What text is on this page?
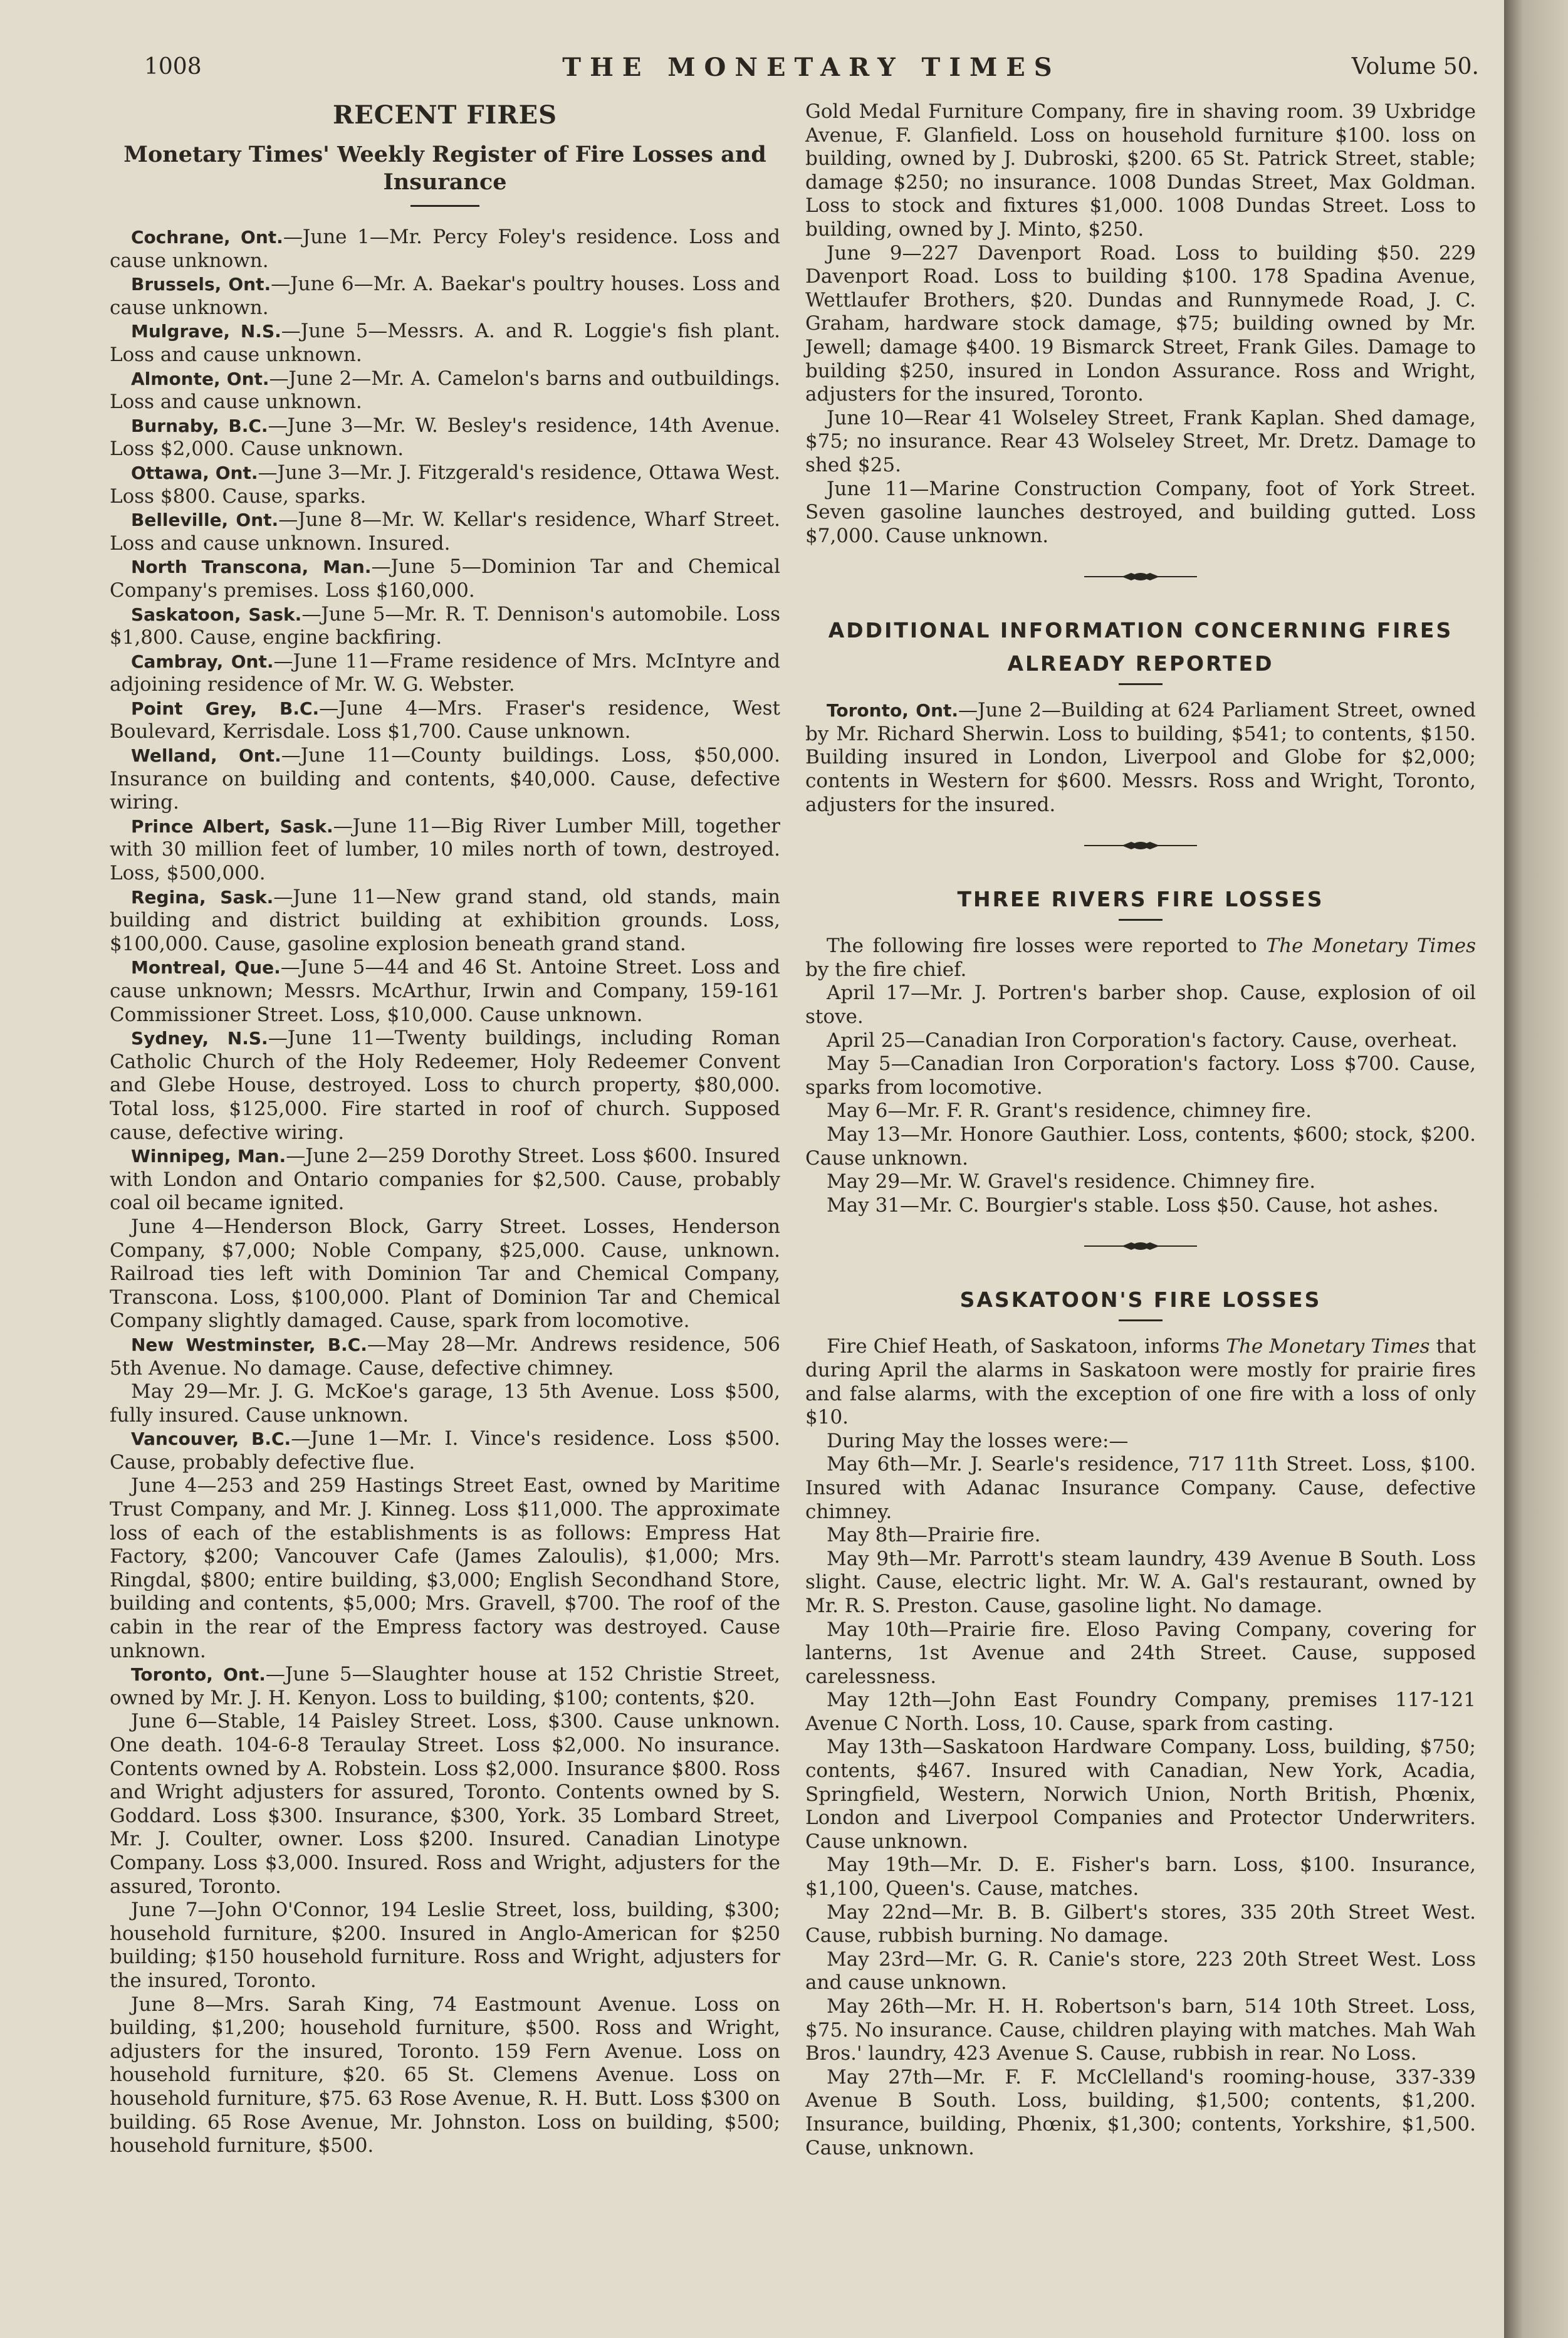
1008	THE MONETARY TIMES	Volume 50.
RECENT FIRES
Monetary Times' Weekly Register of Fire Losses and Insurance

Cochrane, Ont.—June 1—Mr. Percy Foley's residence. Loss and cause unknown.

Brussels, Ont.—June 6—Mr. A. Baekar's poultry houses. Loss and cause unknown.

Mulgrave, N.S.—June 5—Messrs. A. and R. Loggie's fish plant. Loss and cause unknown.

Almonte, Ont.—June 2—Mr. A. Camelon's barns and outbuildings. Loss and cause unknown.

Burnaby, B.C.—June 3—Mr. W. Besley's residence, 14th Avenue. Loss $2,000. Cause unknown.

Ottawa, Ont.—June 3—Mr. J. Fitzgerald's residence, Ottawa West. Loss $800. Cause, sparks.

Belleville, Ont.—June 8—Mr. W. Kellar's residence, Wharf Street. Loss and cause unknown. Insured.

North Transcona, Man.—June 5—Dominion Tar and Chemical Company's premises. Loss $160,000.

Saskatoon, Sask.—June 5—Mr. R. T. Dennison's automobile. Loss $1,800. Cause, engine backfiring.

Cambray, Ont.—June 11—Frame residence of Mrs. McIntyre and adjoining residence of Mr. W. G. Webster.

Point Grey, B.C.—June 4—Mrs. Fraser's residence, West Boulevard, Kerrisdale. Loss $1,700. Cause unknown.

Welland, Ont.—June 11—County buildings. Loss, $50,000. Insurance on building and contents, $40,000. Cause, defective wiring.

Prince Albert, Sask.—June 11—Big River Lumber Mill, together with 30 million feet of lumber, 10 miles north of town, destroyed. Loss, $500,000.

Regina, Sask.—June 11—New grand stand, old stands, main building and district building at exhibition grounds. Loss, $100,000. Cause, gasoline explosion beneath grand stand.

Montreal, Que.—June 5—44 and 46 St. Antoine Street. Loss and cause unknown; Messrs. McArthur, Irwin and Company, 159-161 Commissioner Street. Loss, $10,000. Cause unknown.

Sydney, N.S.—June 11—Twenty buildings, including Roman Catholic Church of the Holy Redeemer, Holy Redeemer Convent and Glebe House, destroyed. Loss to church property, $80,000. Total loss, $125,000. Fire started in roof of church. Supposed cause, defective wiring.

Winnipeg, Man.—June 2—259 Dorothy Street. Loss $600. Insured with London and Ontario companies for $2,500. Cause, probably coal oil became ignited.

June 4—Henderson Block, Garry Street. Losses, Henderson Company, $7,000; Noble Company, $25,000. Cause, unknown. Railroad ties left with Dominion Tar and Chemical Company, Transcona. Loss, $100,000. Plant of Dominion Tar and Chemical Company slightly damaged. Cause, spark from locomotive.

New Westminster, B.C.—May 28—Mr. Andrews residence, 506 5th Avenue. No damage. Cause, defective chimney.

May 29—Mr. J. G. McKoe's garage, 13 5th Avenue. Loss $500, fully insured. Cause unknown.

Vancouver, B.C.—June 1—Mr. I. Vince's residence. Loss $500. Cause, probably defective flue.

June 4—253 and 259 Hastings Street East, owned by Maritime Trust Company, and Mr. J. Kinneg. Loss $11,000. The approximate loss of each of the establishments is as follows: Empress Hat Factory, $200; Vancouver Cafe (James Zaloulis), $1,000; Mrs. Ringdal, $800; entire building, $3,000; English Secondhand Store, building and contents, $5,000; Mrs. Gravell, $700. The roof of the cabin in the rear of the Empress factory was destroyed. Cause unknown.

Toronto, Ont.—June 5—Slaughter house at 152 Christie Street, owned by Mr. J. H. Kenyon. Loss to building, $100; contents, $20.

June 6—Stable, 14 Paisley Street. Loss, $300. Cause unknown. One death. 104-6-8 Teraulay Street. Loss $2,000. No insurance. Contents owned by A. Robstein. Loss $2,000. Insurance $800. Ross and Wright adjusters for assured, Toronto. Contents owned by S. Goddard. Loss $300. Insurance, $300, York. 35 Lombard Street, Mr. J. Coulter, owner. Loss $200. Insured. Canadian Linotype Company. Loss $3,000. Insured. Ross and Wright, adjusters for the assured, Toronto.

June 7—John O'Connor, 194 Leslie Street, loss, building, $300; household furniture, $200. Insured in Anglo-American for $250 building; $150 household furniture. Ross and Wright, adjusters for the insured, Toronto.

June 8—Mrs. Sarah King, 74 Eastmount Avenue. Loss on building, $1,200; household furniture, $500. Ross and Wright, adjusters for the insured, Toronto. 159 Fern Avenue. Loss on household furniture, $20. 65 St. Clemens Avenue. Loss on household furniture, $75. 63 Rose Avenue, R. H. Butt. Loss $300 on building. 65 Rose Avenue, Mr. Johnston. Loss on building, $500; household furniture, $500.

Gold Medal Furniture Company, fire in shaving room. 39 Uxbridge Avenue, F. Glanfield. Loss on household furniture $100. loss on building, owned by J. Dubroski, $200. 65 St. Patrick Street, stable; damage $250; no insurance. 1008 Dundas Street, Max Goldman. Loss to stock and fixtures $1,000. 1008 Dundas Street. Loss to building, owned by J. Minto, $250.

June 9—227 Davenport Road. Loss to building $50. 229 Davenport Road. Loss to building $100. 178 Spadina Avenue, Wettlaufer Brothers, $20. Dundas and Runnymede Road, J. C. Graham, hardware stock damage, $75; building owned by Mr. Jewell; damage $400. 19 Bismarck Street, Frank Giles. Damage to building $250, insured in London Assurance. Ross and Wright, adjusters for the insured, Toronto.

June 10—Rear 41 Wolseley Street, Frank Kaplan. Shed damage, $75; no insurance. Rear 43 Wolseley Street, Mr. Dretz. Damage to shed $25.

June 11—Marine Construction Company, foot of York Street. Seven gasoline launches destroyed, and building gutted. Loss $7,000. Cause unknown.

ADDITIONAL INFORMATION CONCERNING FIRES
ALREADY REPORTED

Toronto, Ont.—June 2—Building at 624 Parliament Street, owned by Mr. Richard Sherwin. Loss to building, $541; to contents, $150. Building insured in London, Liverpool and Globe for $2,000; contents in Western for $600. Messrs. Ross and Wright, Toronto, adjusters for the insured.

THREE RIVERS FIRE LOSSES

The following fire losses were reported to The Monetary Times by the fire chief.

April 17—Mr. J. Portren's barber shop. Cause, explosion of oil stove.

April 25—Canadian Iron Corporation's factory. Cause, overheat.

May 5—Canadian Iron Corporation's factory. Loss $700. Cause, sparks from locomotive.

May 6—Mr. F. R. Grant's residence, chimney fire.

May 13—Mr. Honore Gauthier. Loss, contents, $600; stock, $200. Cause unknown.

May 29—Mr. W. Gravel's residence. Chimney fire.

May 31—Mr. C. Bourgier's stable. Loss $50. Cause, hot ashes.

SASKATOON'S FIRE LOSSES

Fire Chief Heath, of Saskatoon, informs The Monetary Times that during April the alarms in Saskatoon were mostly for prairie fires and false alarms, with the exception of one fire with a loss of only $10.

During May the losses were:—

May 6th—Mr. J. Searle's residence, 717 11th Street. Loss, $100. Insured with Adanac Insurance Company. Cause, defective chimney.

May 8th—Prairie fire.

May 9th—Mr. Parrott's steam laundry, 439 Avenue B South. Loss slight. Cause, electric light. Mr. W. A. Gal's restaurant, owned by Mr. R. S. Preston. Cause, gasoline light. No damage.

May 10th—Prairie fire. Eloso Paving Company, covering for lanterns, 1st Avenue and 24th Street. Cause, supposed carelessness.

May 12th—John East Foundry Company, premises 117-121 Avenue C North. Loss, 10. Cause, spark from casting.

May 13th—Saskatoon Hardware Company. Loss, building, $750; contents, $467. Insured with Canadian, New York, Acadia, Springfield, Western, Norwich Union, North British, Phœnix, London and Liverpool Companies and Protector Underwriters. Cause unknown.

May 19th—Mr. D. E. Fisher's barn. Loss, $100. Insurance, $1,100, Queen's. Cause, matches.

May 22nd—Mr. B. B. Gilbert's stores, 335 20th Street West. Cause, rubbish burning. No damage.

May 23rd—Mr. G. R. Canie's store, 223 20th Street West. Loss and cause unknown.

May 26th—Mr. H. H. Robertson's barn, 514 10th Street. Loss, $75. No insurance. Cause, children playing with matches. Mah Wah Bros.' laundry, 423 Avenue S. Cause, rubbish in rear. No Loss.

May 27th—Mr. F. F. McClelland's rooming-house, 337-339 Avenue B South. Loss, building, $1,500; contents, $1,200. Insurance, building, Phœnix, $1,300; contents, Yorkshire, $1,500. Cause, unknown.
